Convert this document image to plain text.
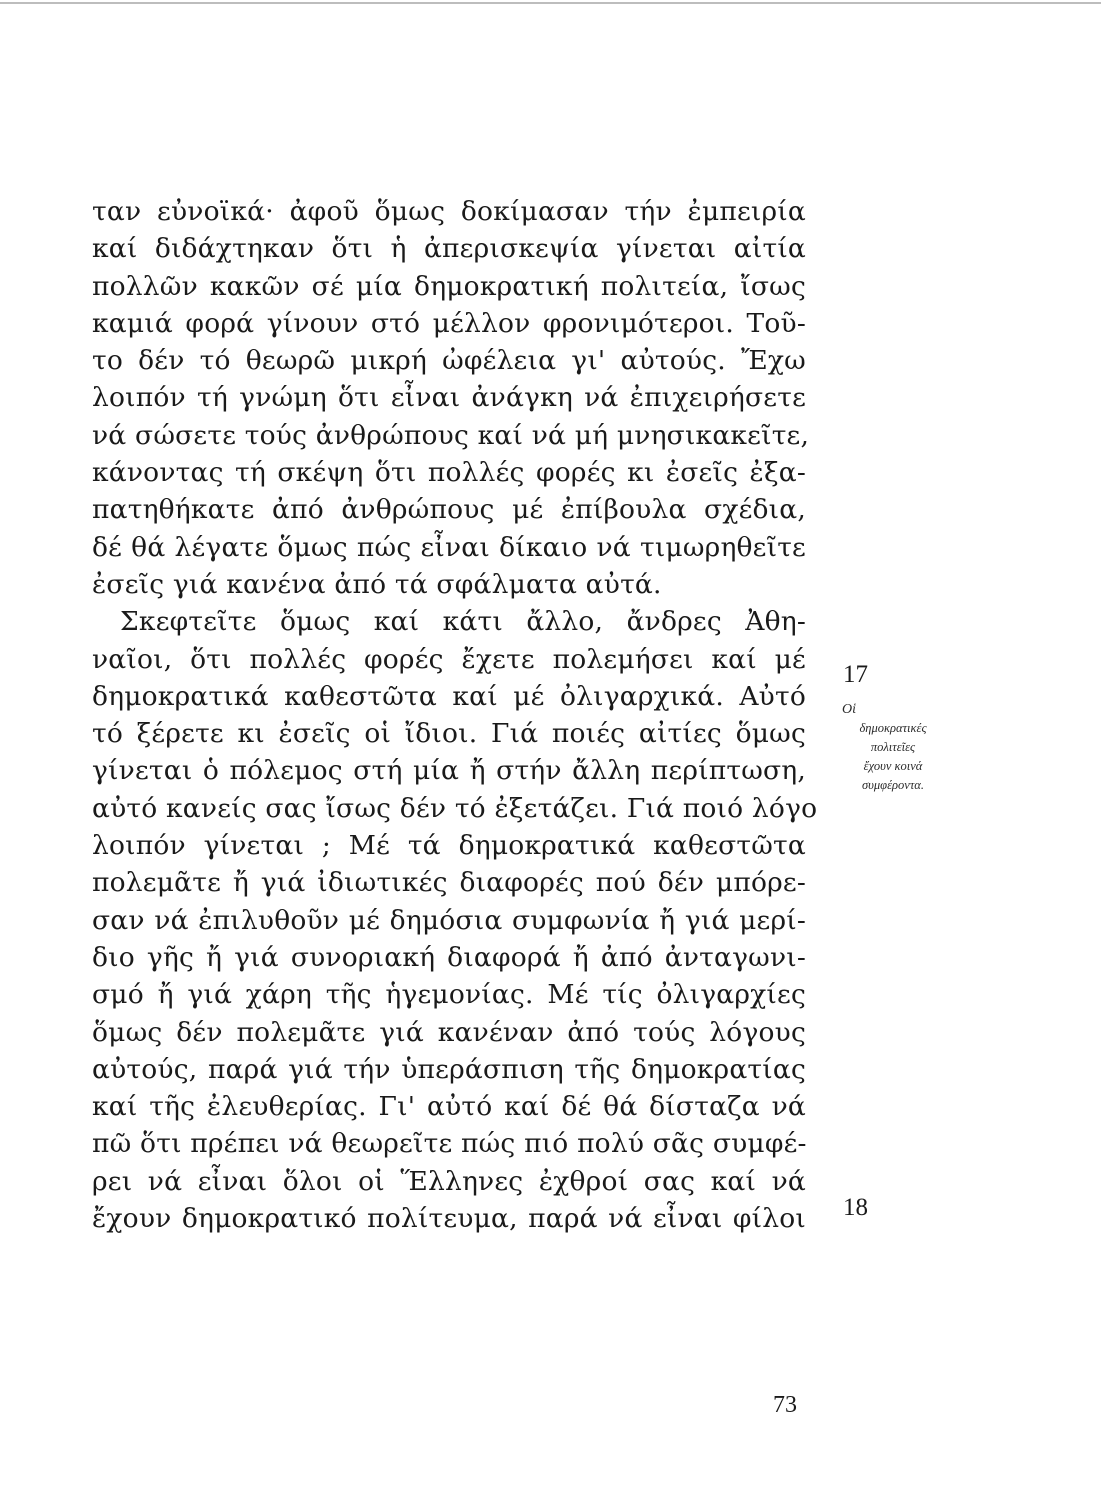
ταν εὐνοϊκά· ἀφοῦ ὅμως δοκίμασαν τήν ἐμπειρία
καί διδάχτηκαν ὅτι ἡ ἀπερισκεψία γίνεται αἰτία
πολλῶν κακῶν σέ μία δημοκρατική πολιτεία, ἴσως
καμιά φορά γίνουν στό μέλλον φρονιμότεροι. Τοῦ-
το δέν τό θεωρῶ μικρή ὠφέλεια γι' αὐτούς. Ἔχω
λοιπόν τή γνώμη ὅτι εἶναι ἀνάγκη νά ἐπιχειρήσετε
νά σώσετε τούς ἀνθρώπους καί νά μή μνησικακεῖτε,
κάνοντας τή σκέψη ὅτι πολλές φορές κι ἐσεῖς ἐξα-
πατηθήκατε ἀπό ἀνθρώπους μέ ἐπίβουλα σχέδια,
δέ θά λέγατε ὅμως πώς εἶναι δίκαιο νά τιμωρηθεῖτε
ἐσεῖς γιά κανένα ἀπό τά σφάλματα αὐτά.
Σκεφτεῖτε ὅμως καί κάτι ἄλλο, ἄνδρες Ἀθη-
ναῖοι, ὅτι πολλές φορές ἔχετε πολεμήσει καί μέ
δημοκρατικά καθεστῶτα καί μέ ὀλιγαρχικά. Αὐτό
τό ξέρετε κι ἐσεῖς οἱ ἴδιοι. Γιά ποιές αἰτίες ὅμως
γίνεται ὁ πόλεμος στή μία ἤ στήν ἄλλη περίπτωση,
αὐτό κανείς σας ἴσως δέν τό ἐξετάζει. Γιά ποιό λόγο
λοιπόν γίνεται ; Μέ τά δημοκρατικά καθεστῶτα
πολεμᾶτε ἤ γιά ἰδιωτικές διαφορές πού δέν μπόρε-
σαν νά ἐπιλυθοῦν μέ δημόσια συμφωνία ἤ γιά μερί-
διο γῆς ἤ γιά συνοριακή διαφορά ἤ ἀπό ἀνταγωνι-
σμό ἤ γιά χάρη τῆς ἡγεμονίας. Μέ τίς ὀλιγαρχίες
ὅμως δέν πολεμᾶτε γιά κανέναν ἀπό τούς λόγους
αὐτούς, παρά γιά τήν ὑπεράσπιση τῆς δημοκρατίας
καί τῆς ἐλευθερίας. Γι' αὐτό καί δέ θά δίσταζα νά
πῶ ὅτι πρέπει νά θεωρεῖτε πώς πιό πολύ σᾶς συμφέ-
ρει νά εἶναι ὅλοι οἱ Ἕλληνες ἐχθροί σας καί νά
ἔχουν δημοκρατικό πολίτευμα, παρά νά εἶναι φίλοι
17
Οἱ
δημοκρατικές
πολιτεῖες
ἔχουν κοινά
συμφέροντα.
18
73
